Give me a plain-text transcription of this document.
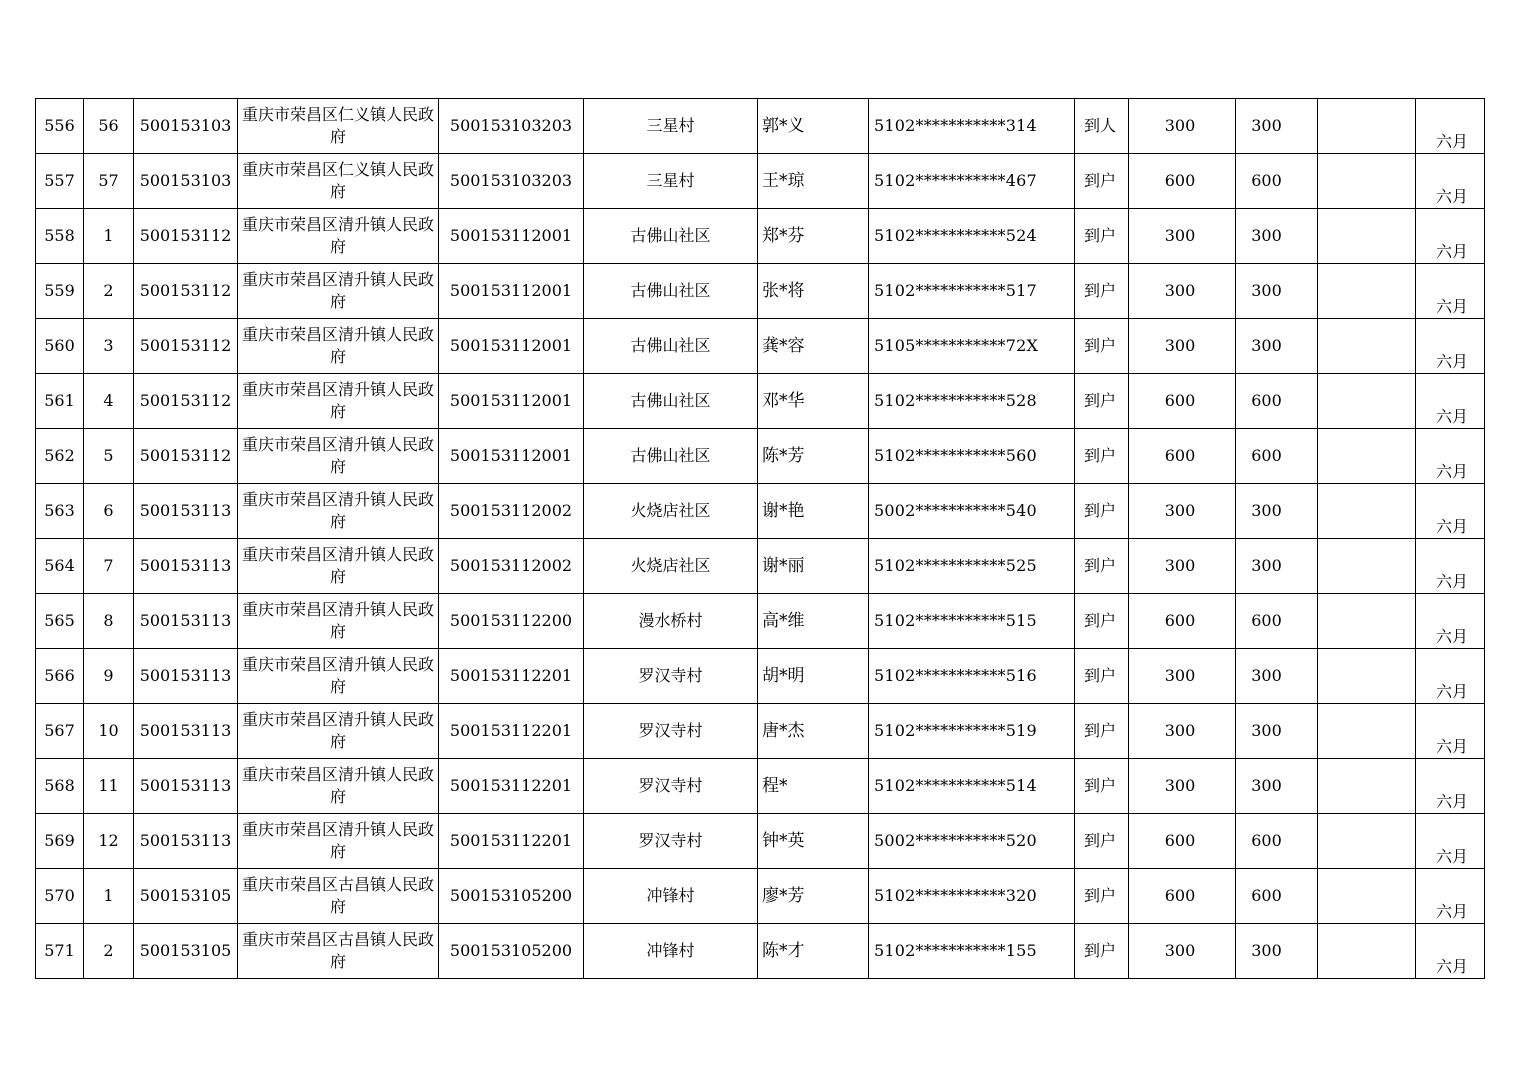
556	56	500153103	重庆市荣昌区仁义镇人民政府	500153103203	三星村	郭*义	5102***********314	到人	300	300		六月
557	57	500153103	重庆市荣昌区仁义镇人民政府	500153103203	三星村	王*琼	5102***********467	到户	600	600		六月
558	1	500153112	重庆市荣昌区清升镇人民政府	500153112001	古佛山社区	郑*芬	5102***********524	到户	300	300		六月
559	2	500153112	重庆市荣昌区清升镇人民政府	500153112001	古佛山社区	张*将	5102***********517	到户	300	300		六月
560	3	500153112	重庆市荣昌区清升镇人民政府	500153112001	古佛山社区	龚*容	5105***********72X	到户	300	300		六月
561	4	500153112	重庆市荣昌区清升镇人民政府	500153112001	古佛山社区	邓*华	5102***********528	到户	600	600		六月
562	5	500153112	重庆市荣昌区清升镇人民政府	500153112001	古佛山社区	陈*芳	5102***********560	到户	600	600		六月
563	6	500153113	重庆市荣昌区清升镇人民政府	500153112002	火烧店社区	谢*艳	5002***********540	到户	300	300		六月
564	7	500153113	重庆市荣昌区清升镇人民政府	500153112002	火烧店社区	谢*丽	5102***********525	到户	300	300		六月
565	8	500153113	重庆市荣昌区清升镇人民政府	500153112200	漫水桥村	高*维	5102***********515	到户	600	600		六月
566	9	500153113	重庆市荣昌区清升镇人民政府	500153112201	罗汉寺村	胡*明	5102***********516	到户	300	300		六月
567	10	500153113	重庆市荣昌区清升镇人民政府	500153112201	罗汉寺村	唐*杰	5102***********519	到户	300	300		六月
568	11	500153113	重庆市荣昌区清升镇人民政府	500153112201	罗汉寺村	程*	5102***********514	到户	300	300		六月
569	12	500153113	重庆市荣昌区清升镇人民政府	500153112201	罗汉寺村	钟*英	5002***********520	到户	600	600		六月
570	1	500153105	重庆市荣昌区古昌镇人民政府	500153105200	冲锋村	廖*芳	5102***********320	到户	600	600		六月
571	2	500153105	重庆市荣昌区古昌镇人民政府	500153105200	冲锋村	陈*才	5102***********155	到户	300	300		六月
